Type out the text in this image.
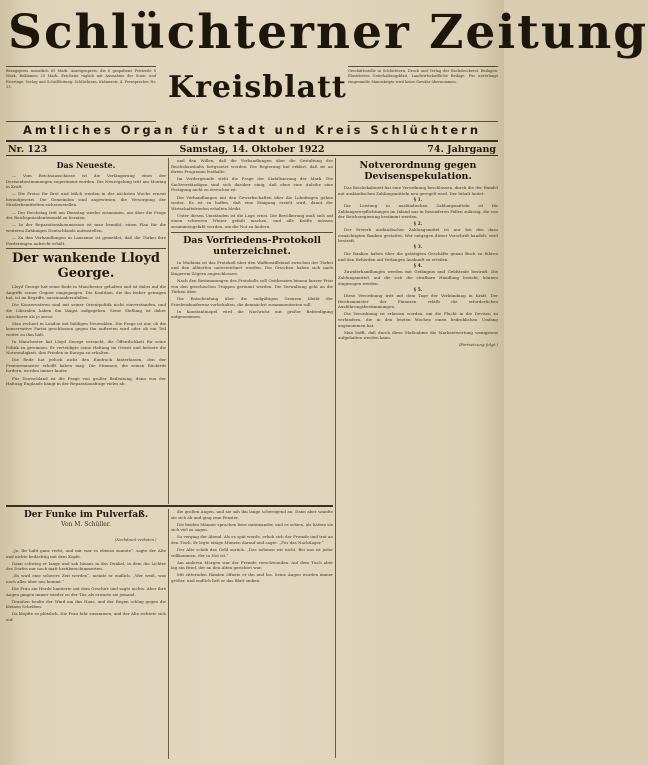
Schlüchterner Zeitung
Bezugspreis monatlich 65 Mark. Anzeigenpreis: die 6 gespaltene Petitzeile 8 Mark, Reklamen 20 Mark. Erscheint täglich mit Ausnahme der Sonn- und Feiertage. Verlag und Schriftleitung: Schlüchtern, Krämerstr. 4. Fernsprecher Nr. 53.	Kreisblatt Geschäftsstelle in Schlüchtern. Druck und Verlag der Buchdruckerei. Beilagen: Illustriertes Unterhaltungsblatt, Landwirtschaftliche Beilage. Für unverlangt eingesandte Manuskripte wird keine Gewähr übernommen.
Amtliches Organ für Stadt und Kreis Schlüchtern
Nr. 123	Samstag, 14. Oktober 1922	74. Jahrgang
Das Neueste.

— Vom Reichsausschusse ist die Verlängerung eines der Devisenbestimmungen zugestimmt worden. Die Neuregelung tritt am Montag in Kraft.

— Die Preise für Brot und Milch werden in der nächsten Woche erneut heraufgesetzt. Die Gemeinden sind angewiesen, die Versorgung der Minderbemittelten sicherzustellen.

— Der Reichstag tritt am Dienstag wieder zusammen, um über die Frage der Reichspräsidentenwahl zu beraten.

— In der Reparationskommission ist man bemüht, einen Plan für die weiteren Zahlungen Deutschlands aufzustellen.

— Zu den Verhandlungen in Lausanne ist gemeldet, daß die Türkei ihre Forderungen aufrecht erhält.

Der wankende Lloyd George.

Lloyd George hat seine Rede in Manchester gehalten und ist dabei auf die Angriffe seiner Gegner eingegangen. Die Koalition, die ihn bisher getragen hat, ist im Begriffe, auseinanderzufallen.

Die Konservativen sind mit seiner Orientpolitik nicht einverstanden, und die Liberalen haben ihn längst aufgegeben. Seine Stellung ist daher unsicherer als je zuvor.

Man rechnet in London mit baldigen Neuwahlen. Die Frage ist nur, ob die konservative Partei geschlossen gegen ihn auftreten wird oder ob ein Teil weiter zu ihm hält.

In Manchester hat Lloyd George versucht, die Öffentlichkeit für seine Politik zu gewinnen. Er verteidigte seine Haltung im Orient und betonte die Notwendigkeit, den Frieden in Europa zu erhalten.

Die Rede hat jedoch nicht den Eindruck hinterlassen, den der Premierminister erhofft haben mag. Die Stimmen, die seinen Rücktritt fordern, werden immer lauter.

Für Deutschland ist die Frage von großer Bedeutung, denn von der Haltung Englands hängt in der Reparationsfrage vieles ab.

und den Willen, daß die Verhandlungen über die Gestaltung des Reichshaushalts fortgesetzt werden. Die Regierung hat erklärt, daß sie an ihrem Programm festhalte.

Im Vordergrunde steht die Frage der Stabilisierung der Mark. Die Sachverständigen sind sich darüber einig, daß ohne eine Anleihe eine Festigung nicht zu erreichen ist.

Die Verhandlungen mit den Gewerkschaften über die Lohnfragen gehen weiter. Es ist zu hoffen, daß eine Einigung erzielt wird, damit der Wirtschaftsfrieden erhalten bleibt.

Unter diesen Umständen ist die Lage ernst. Die Bevölkerung muß sich auf einen schweren Winter gefaßt machen, und alle Kräfte müssen zusammengefaßt werden, um die Not zu lindern.

Das Vorfriedens-Protokoll unterzeichnet.

In Mudania ist das Protokoll über den Waffenstillstand zwischen der Türkei und den Alliierten unterzeichnet worden. Die Griechen haben sich nach längerem Zögern angeschlossen.

Nach den Bestimmungen des Protokolls soll Ostthrazien binnen kurzer Frist von den griechischen Truppen geräumt werden. Die Verwaltung geht an die Türken über.

Die Entscheidung über die endgültigen Grenzen bleibt der Friedenskonferenz vorbehalten, die demnächst zusammentreten soll.

In Konstantinopel wird die Nachricht mit großer Befriedigung aufgenommen.

Notverordnung gegen Devisenspekulation.

Das Reichskabinett hat eine Verordnung beschlossen, durch die der Handel mit ausländischen Zahlungsmitteln neu geregelt wird. Der Inhalt lautet:

§ 1.

Die Leistung in ausländischen Zahlungsmitteln ist für Zahlungsverpflichtungen im Inland nur in besonderen Fällen zulässig, die von der Reichsregierung bestimmt werden.

§ 2.

Der Erwerb ausländischer Zahlungsmittel ist nur bei den dazu ermächtigten Banken gestattet. Wer entgegen dieser Vorschrift handelt, wird bestraft.

§ 3.

Die Banken haben über die getätigten Geschäfte genau Buch zu führen und den Behörden auf Verlangen Auskunft zu erteilen.

§ 4.

Zuwiderhandlungen werden mit Gefängnis und Geldstrafe bestraft. Die Zahlungsmittel, auf die sich die strafbare Handlung bezieht, können eingezogen werden.

§ 5.

Diese Verordnung tritt mit dem Tage der Verkündung in Kraft. Der Reichsminister der Finanzen erläßt die erforderlichen Ausführungsbestimmungen.

Die Verordnung ist erlassen worden, um die Flucht in die Devisen zu verhindern, die in den letzten Wochen einen bedrohlichen Umfang angenommen hat.

Man hofft, daß durch diese Maßnahme die Markentwertung wenigstens aufgehalten werden kann.

(Fortsetzung folgt.)

Der Funke im Pulverfaß.
Von M. Schüller.
(Nachdruck verboten.)

„Ja, Ihr habt ganz recht, und mir war es ebenso zumute“, sagte der Alte und nickte bedächtig mit dem Kopfe.

Dann schwieg er lange und sah hinaus in das Dunkel, in dem die Lichter des Dorfes nur noch matt herüberschimmerten.

„Es wird eine schwere Zeit werden“, meinte er endlich. „Wer weiß, was noch alles über uns kommt.“

Die Frau am Herde hantierte mit dem Geschirr und sagte nichts. Aber ihre Augen gingen immer wieder zu der Tür, als erwarte sie jemand.

Draußen heulte der Wind um das Haus, und der Regen schlug gegen die kleinen Scheiben.

Da klopfte es plötzlich. Die Frau fuhr zusammen, und der Alte richtete sich auf.

die großen Augen, und sie sah ihn lange schweigend an. Dann aber wandte sie sich ab und ging zum Fenster.

Die beiden Männer sprachen leise miteinander, und es schien, als hätten sie sich viel zu sagen.

So verging der Abend. Als es spät wurde, erhob sich der Fremde und trat an den Tisch. Er legte einige Münzen darauf und sagte: „Für das Nachtlager.“

Der Alte schob das Geld zurück. „Das nehmen wir nicht. Bei uns ist jeder willkommen, der in Not ist.“

Am anderen Morgen war der Fremde verschwunden. Auf dem Tisch aber lag ein Brief, der an den Alten gerichtet war.

Mit zitternden Händen öffnete er ihn und las. Seine Augen wurden immer größer, und endlich ließ er das Blatt sinken.
